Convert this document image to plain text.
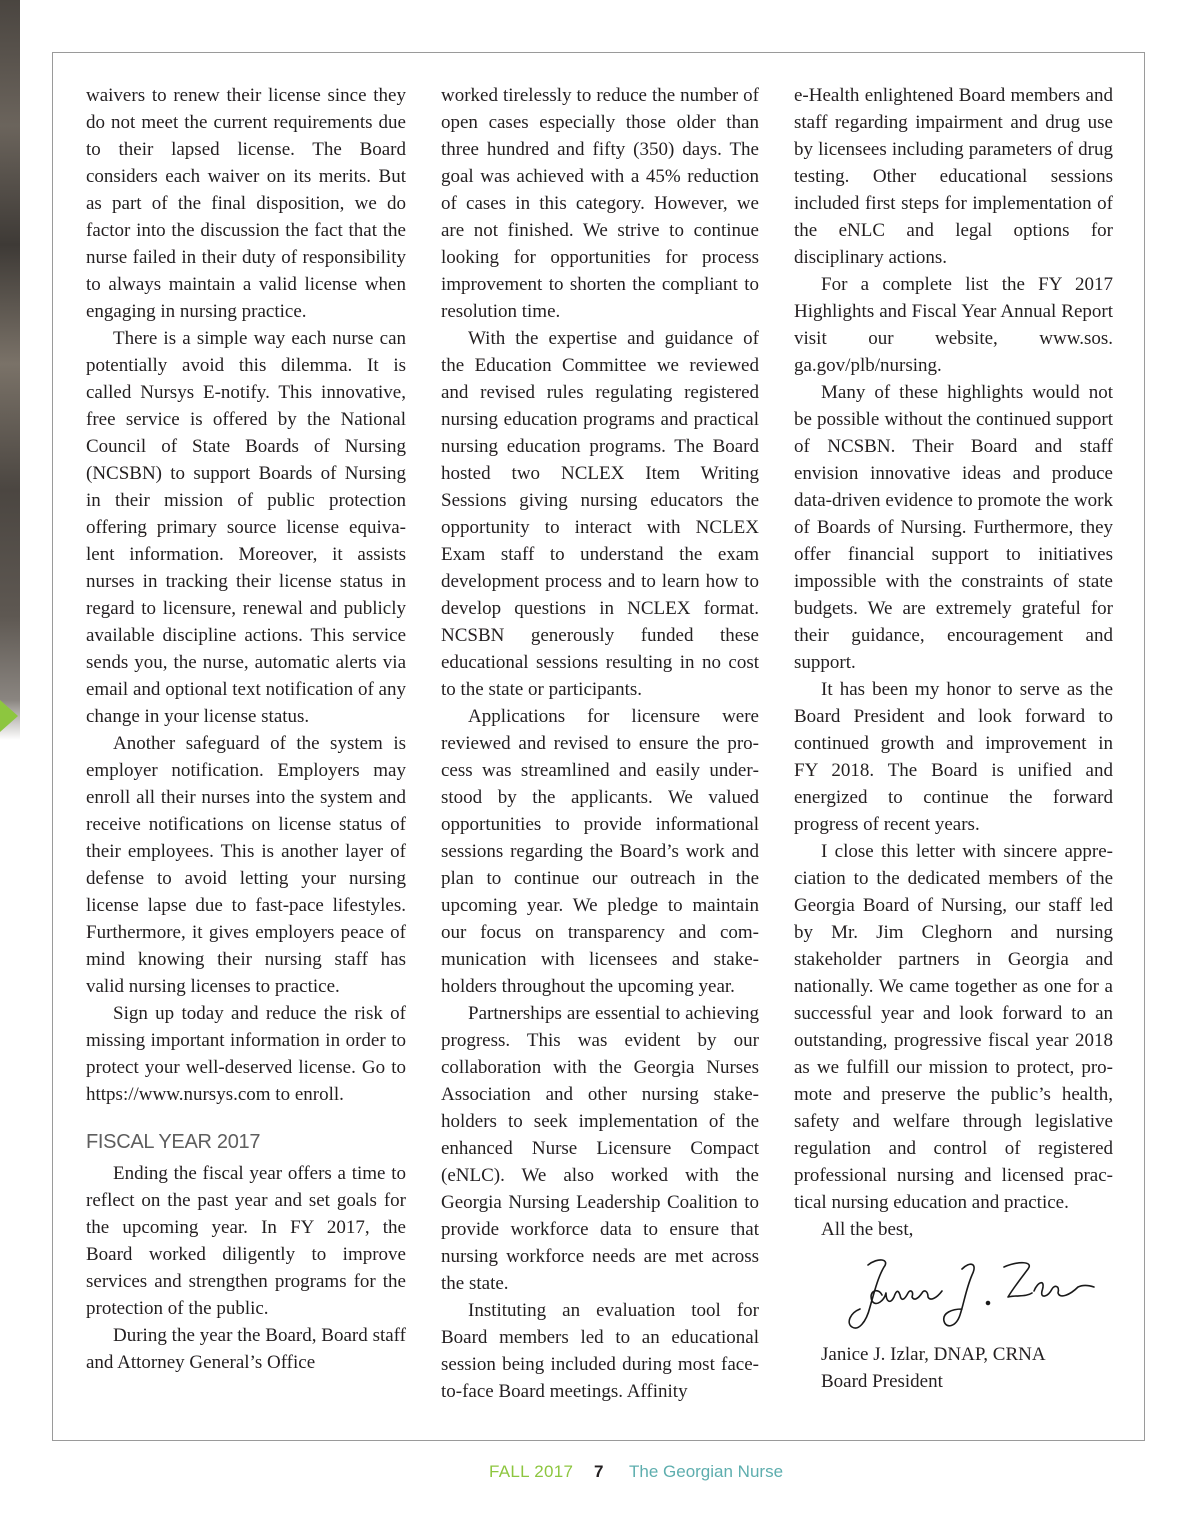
waivers to renew their license since they do not meet the current requirements due to their lapsed license. The Board considers each waiver on its merits. But as part of the final disposition, we do factor into the discussion the fact that the nurse failed in their duty of responsibility to always maintain a valid license when engaging in nursing practice.

There is a simple way each nurse can potentially avoid this dilemma. It is called Nursys E-notify. This innovative, free service is offered by the National Council of State Boards of Nursing (NCSBN) to support Boards of Nursing in their mission of public protection offering primary source license equivalent information. Moreover, it assists nurses in tracking their license status in regard to licensure, renewal and publicly available discipline actions. This service sends you, the nurse, automatic alerts via email and optional text notification of any change in your license status.

Another safeguard of the system is employer notification. Employers may enroll all their nurses into the system and receive notifications on license status of their employees. This is another layer of defense to avoid letting your nursing license lapse due to fast-pace lifestyles. Furthermore, it gives employers peace of mind knowing their nursing staff has valid nursing licenses to practice.

Sign up today and reduce the risk of missing important information in order to protect your well-deserved license. Go to https://www.nursys.com to enroll.

FISCAL YEAR 2017

Ending the fiscal year offers a time to reflect on the past year and set goals for the upcoming year. In FY 2017, the Board worked diligently to improve services and strengthen programs for the protection of the public.

During the year the Board, Board staff and Attorney General’s Office

worked tirelessly to reduce the number of open cases especially those older than three hundred and fifty (350) days. The goal was achieved with a 45% reduction of cases in this category. However, we are not finished. We strive to continue looking for opportunities for process improvement to shorten the compliant to resolution time.

With the expertise and guidance of the Education Committee we reviewed and revised rules regulating registered nursing education programs and practical nursing education programs. The Board hosted two NCLEX Item Writing Sessions giving nursing educators the opportunity to interact with NCLEX Exam staff to understand the exam development process and to learn how to develop questions in NCLEX format. NCSBN generously funded these educational sessions resulting in no cost to the state or participants.

Applications for licensure were reviewed and revised to ensure the process was streamlined and easily understood by the applicants. We valued opportunities to provide informational sessions regarding the Board’s work and plan to continue our outreach in the upcoming year. We pledge to maintain our focus on transparency and communication with licensees and stakeholders throughout the upcoming year.

Partnerships are essential to achieving progress. This was evident by our collaboration with the Georgia Nurses Association and other nursing stakeholders to seek implementation of the enhanced Nurse Licensure Compact (eNLC). We also worked with the Georgia Nursing Leadership Coalition to provide workforce data to ensure that nursing workforce needs are met across the state.

Instituting an evaluation tool for Board members led to an educational session being included during most face-to-face Board meetings. Affinity

e-Health enlightened Board members and staff regarding impairment and drug use by licensees including parameters of drug testing. Other educational sessions included first steps for implementation of the eNLC and legal options for disciplinary actions.

For a complete list the FY 2017 Highlights and Fiscal Year Annual Report visit our website, www.sos. ga.gov/plb/nursing.

Many of these highlights would not be possible without the continued support of NCSBN. Their Board and staff envision innovative ideas and produce data-driven evidence to promote the work of Boards of Nursing. Furthermore, they offer financial support to initiatives impossible with the constraints of state budgets. We are extremely grateful for their guidance, encouragement and support.

It has been my honor to serve as the Board President and look forward to continued growth and improvement in FY 2018. The Board is unified and energized to continue the forward progress of recent years.

I close this letter with sincere appreciation to the dedicated members of the Georgia Board of Nursing, our staff led by Mr. Jim Cleghorn and nursing stakeholder partners in Georgia and nationally. We came together as one for a successful year and look forward to an outstanding, progressive fiscal year 2018 as we fulfill our mission to protect, promote and preserve the public’s health, safety and welfare through legislative regulation and control of registered professional nursing and licensed practical nursing education and practice.

All the best,

Janice J. Izlar
Janice J. Izlar, DNAP, CRNA
Board President
FALL 2017 7 The Georgian Nurse
